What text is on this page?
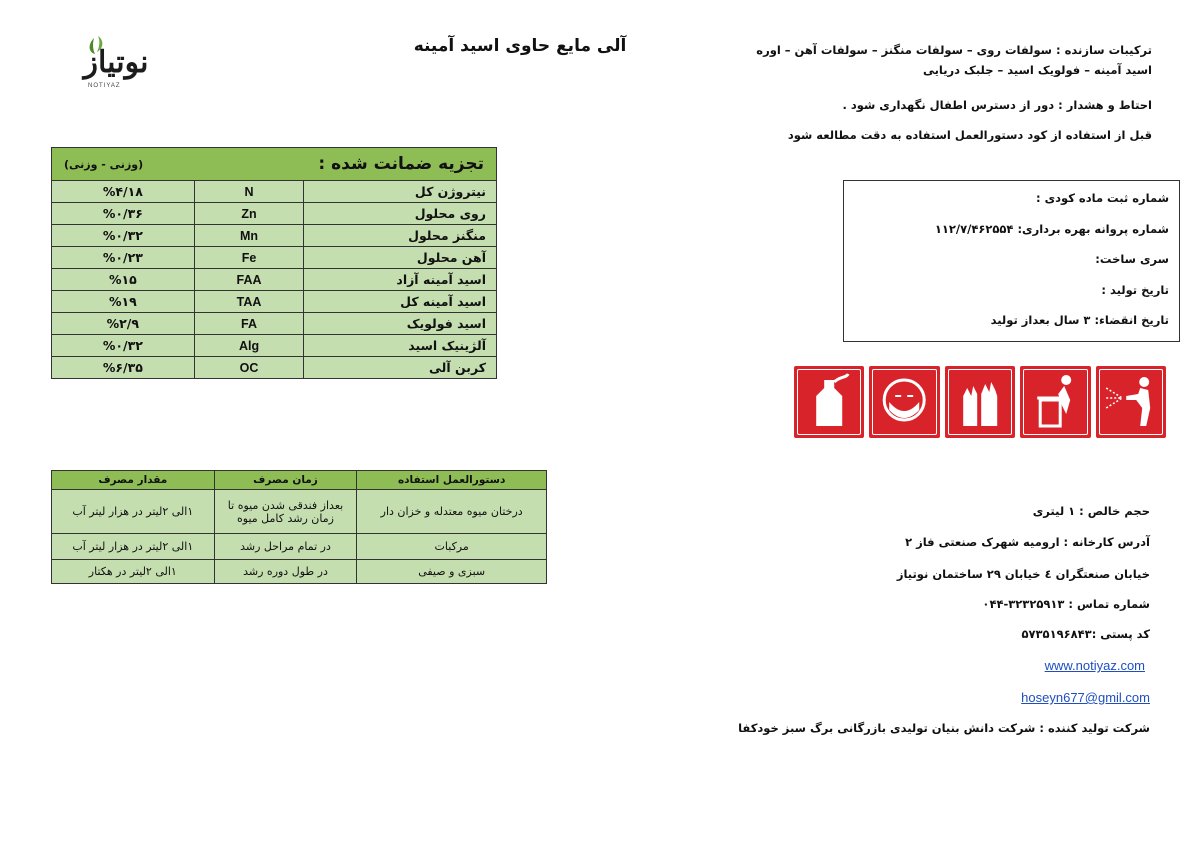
نوتیاز
NOTIYAZ
آلی مایع حاوی اسید آمینه	ترکیبات سازنده : سولفات روی – سولفات منگنز – سولفات آهن – اوره
اسید آمینه – فولویک اسید – جلبک دریایی
احتاط و هشدار : دور از دسترس اطفال نگهداری شود .
قبل از استفاده از کود دستورالعمل استفاده به دقت مطالعه شود
شماره ثبت ماده کودی :
شماره پروانه بهره برداری: ۱۱۲/۷/۴۶۲۵۵۴
سری ساخت:
تاریخ تولید :
تاریخ انقضاء: ۳ سال بعداز تولید
تجزیه ضمانت شده :
(وزنی - وزنی)		

%۴/۱۸	N	نیتروژن کل
%۰/۳۶	Zn	روی محلول
%۰/۳۲	Mn	منگنز محلول
%۰/۲۳	Fe	آهن محلول
%۱۵	FAA	اسید آمینه آزاد
%۱۹	TAA	اسید آمینه کل
%۲/۹	FA	اسید فولویک
%۰/۳۲	Alg	آلژینیک اسید
%۶/۳۵	OC	کربن آلی
مقدار مصرف	زمان مصرف	دستورالعمل استفاده
۱الی ۲لیتر در هزار لیتر آب	بعداز فندقی شدن میوه تا زمان رشد کامل میوه	درختان میوه معتدله و خزان دار
۱الی ۲لیتر در هزار لیتر آب	در تمام مراحل رشد	مرکبات
۱الی ۲لیتر در هکتار	در طول دوره رشد	سبزی و صیفی
حجم خالص : ۱ لیتری
آدرس کارخانه : ارومیه شهرک صنعتی فاز ۲
خیابان صنعتگران ٤ خیابان ۲۹ ساختمان نوتیاز
شماره تماس : ۳۲۳۲۵۹۱۳-۰۴۴
کد پستی :۵۷۳۵۱۹۶۸۴۳
www.notiyaz.com
hoseyn677@gmil.com
شرکت تولید کننده : شرکت دانش بنیان تولیدی بازرگانی برگ سبز خودکفا
